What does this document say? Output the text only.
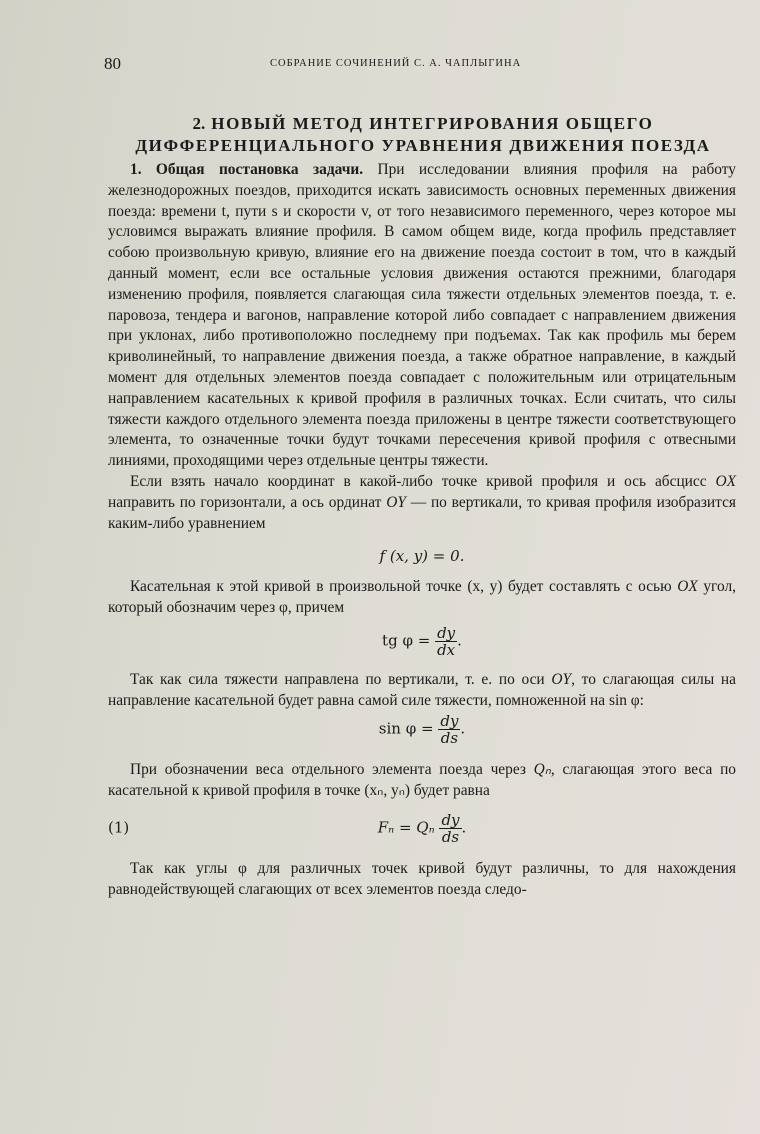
80	СОБРАНИЕ СОЧИНЕНИЙ С. А. ЧАПЛЫГИНА
2. НОВЫЙ МЕТОД ИНТЕГРИРОВАНИЯ ОБЩЕГО ДИФФЕРЕНЦИАЛЬНОГО УРАВНЕНИЯ ДВИЖЕНИЯ ПОЕЗДА

1. Общая постановка задачи. При исследовании влияния профиля на работу железнодорожных поездов, приходится искать зависимость основных переменных движения поезда: времени t, пути s и скорости v, от того независимого переменного, через которое мы условимся выражать влияние профиля. В самом общем виде, когда профиль представляет собою произвольную кривую, влияние его на движение поезда состоит в том, что в каждый данный момент, если все остальные условия движения остаются прежними, благодаря изменению профиля, появляется слагающая сила тяжести отдельных элементов поезда, т. е. паровоза, тендера и вагонов, направление которой либо совпадает с направлением движения при уклонах, либо противоположно последнему при подъемах. Так как профиль мы берем криволинейный, то направление движения поезда, а также обратное направление, в каждый момент для отдельных элементов поезда совпадает с положительным или отрицательным направлением касательных к кривой профиля в различных точках. Если считать, что силы тяжести каждого отдельного элемента поезда приложены в центре тяжести соответствующего элемента, то означенные точки будут точками пересечения кривой профиля с отвесными линиями, проходящими через отдельные центры тяжести.

Если взять начало координат в какой-либо точке кривой профиля и ось абсцисс OX направить по горизонтали, а ось ординат OY — по вертикали, то кривая профиля изобразится каким-либо уравнением

f (x, y) = 0.

Касательная к этой кривой в произвольной точке (x, y) будет составлять с осью OX угол, который обозначим через φ, причем

tg $\varphi = \frac{dy}{dx}$ .

Так как сила тяжести направлена по вертикали, т. е. по оси OY, то слагающая силы на направление касательной будет равна самой силе тяжести, помноженной на sin φ:

$\sin \varphi = \frac{dy}{ds}$ .

При обозначении веса отдельного элемента поезда через Qₙ, слагающая этого веса по касательной к кривой профиля в точке (xₙ, yₙ) будет равна

(1)	Fₙ = Qₙ $\frac{dy}{ds}$ .

Так как углы φ для различных точек кривой будут различны, то для нахождения равнодействующей слагающих от всех элементов поезда следо-
